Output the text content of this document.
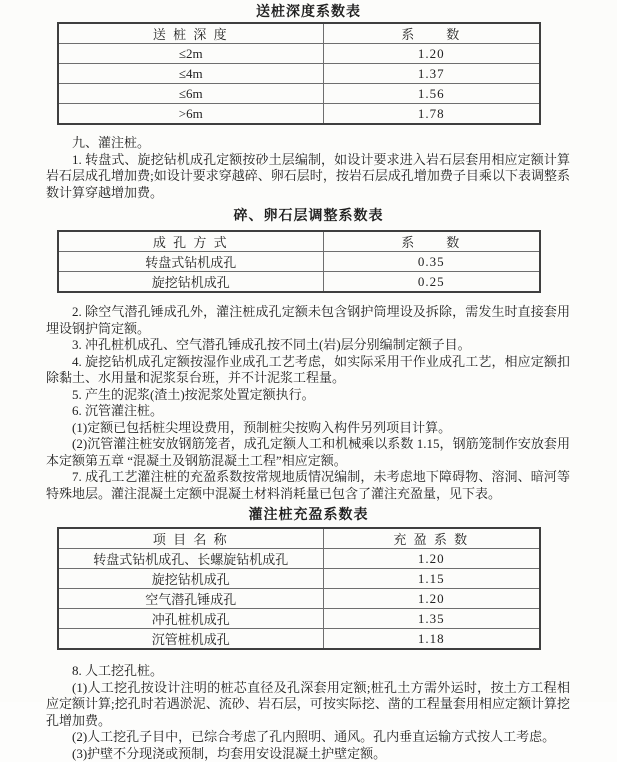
送桩深度系数表
送 桩 深 度	系　　数
≤2m	1.20
≤4m	1.37
≤6m	1.56
>6m	1.78

九、灌注桩。

1. 转盘式、旋挖钻机成孔定额按砂土层编制，如设计要求进入岩石层套用相应定额计算岩石层成孔增加费;如设计要求穿越碎、卵石层时，按岩石层成孔增加费子目乘以下表调整系数计算穿越增加费。

碎、卵石层调整系数表
成 孔 方 式	系　　数
转盘式钻机成孔	0.35
旋挖钻机成孔	0.25

2. 除空气潜孔锤成孔外，灌注桩成孔定额未包含钢护筒埋设及拆除，需发生时直接套用埋设钢护筒定额。

3. 冲孔桩机成孔、空气潜孔锤成孔按不同土(岩)层分别编制定额子目。

4. 旋挖钻机成孔定额按湿作业成孔工艺考虑，如实际采用干作业成孔工艺，相应定额扣除黏土、水用量和泥浆泵台班，并不计泥浆工程量。

5. 产生的泥浆(渣土)按泥浆处置定额执行。

6. 沉管灌注桩。

(1)定额已包括桩尖埋设费用，预制桩尖按购入构件另列项目计算。

(2)沉管灌注桩安放钢筋笼者，成孔定额人工和机械乘以系数 1.15，钢筋笼制作安放套用本定额第五章 “混凝土及钢筋混凝土工程”相应定额。

7. 成孔工艺灌注桩的充盈系数按常规地质情况编制，未考虑地下障碍物、溶洞、暗河等特殊地层。灌注混凝土定额中混凝土材料消耗量已包含了灌注充盈量，见下表。

灌注桩充盈系数表
项 目 名 称	充 盈 系 数
转盘式钻机成孔、长螺旋钻机成孔	1.20
旋挖钻机成孔	1.15
空气潜孔锤成孔	1.20
冲孔桩机成孔	1.35
沉管桩机成孔	1.18

8. 人工挖孔桩。

(1)人工挖孔按设计注明的桩芯直径及孔深套用定额;桩孔土方需外运时，按土方工程相应定额计算;挖孔时若遇淤泥、流砂、岩石层，可按实际挖、凿的工程量套用相应定额计算挖孔增加费。

(2)人工挖孔子目中，已综合考虑了孔内照明、通风。孔内垂直运输方式按人工考虑。

(3)护壁不分现浇或预制，均套用安设混凝土护壁定额。
